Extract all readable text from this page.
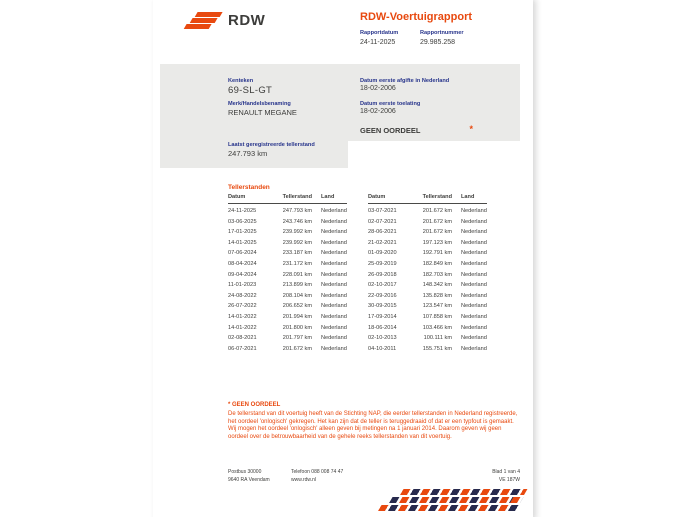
RDW	RDW-Voertuigrapport
Rapportdatum
24-11-2025
Rapportnummer
29.985.258
Kenteken
69-SL-GT
Merk/Handelsbenaming
RENAULT MEGANE
Datum eerste afgifte in Nederland
18-02-2006
Datum eerste toelating
18-02-2006
GEEN OORDEEL	*
Laatst geregistreerde tellerstand
247.793 km
Tellerstanden
Datum	Tellerstand	Land
24-11-2025	247.793 km	Nederland
03-06-2025	243.746 km	Nederland
17-01-2025	239.992 km	Nederland
14-01-2025	239.992 km	Nederland
07-06-2024	233.187 km	Nederland
08-04-2024	231.172 km	Nederland
09-04-2024	228.091 km	Nederland
11-01-2023	213.899 km	Nederland
24-08-2022	208.104 km	Nederland
26-07-2022	206.652 km	Nederland
14-01-2022	201.994 km	Nederland
14-01-2022	201.800 km	Nederland
02-08-2021	201.797 km	Nederland
06-07-2021	201.672 km	Nederland
Datum	Tellerstand	Land
03-07-2021	201.672 km	Nederland
02-07-2021	201.672 km	Nederland
28-06-2021	201.672 km	Nederland
21-02-2021	197.123 km	Nederland
01-09-2020	192.791 km	Nederland
25-09-2019	182.849 km	Nederland
26-09-2018	182.703 km	Nederland
02-10-2017	148.342 km	Nederland
22-09-2016	135.828 km	Nederland
30-09-2015	123.547 km	Nederland
17-09-2014	107.858 km	Nederland
18-06-2014	103.466 km	Nederland
02-10-2013	100.111 km	Nederland
04-10-2011	155.751 km	Nederland
* GEEN OORDEEL
De tellerstand van dit voertuig heeft van de Stichting NAP, die eerder tellerstanden in Nederland registreerde, het oordeel 'onlogisch' gekregen. Het kan zijn dat de teller is teruggedraaid of dat er een typfout is gemaakt. Wij mogen het oordeel 'onlogisch' alleen geven bij metingen na 1 januari 2014. Daarom geven wij geen oordeel over de betrouwbaarheid van de gehele reeks tellerstanden van dit voertuig.
Postbus 30000
9640 RA Veendam
Telefoon 088 008 74 47
www.rdw.nl
Blad 1 van 4
VE 187W
